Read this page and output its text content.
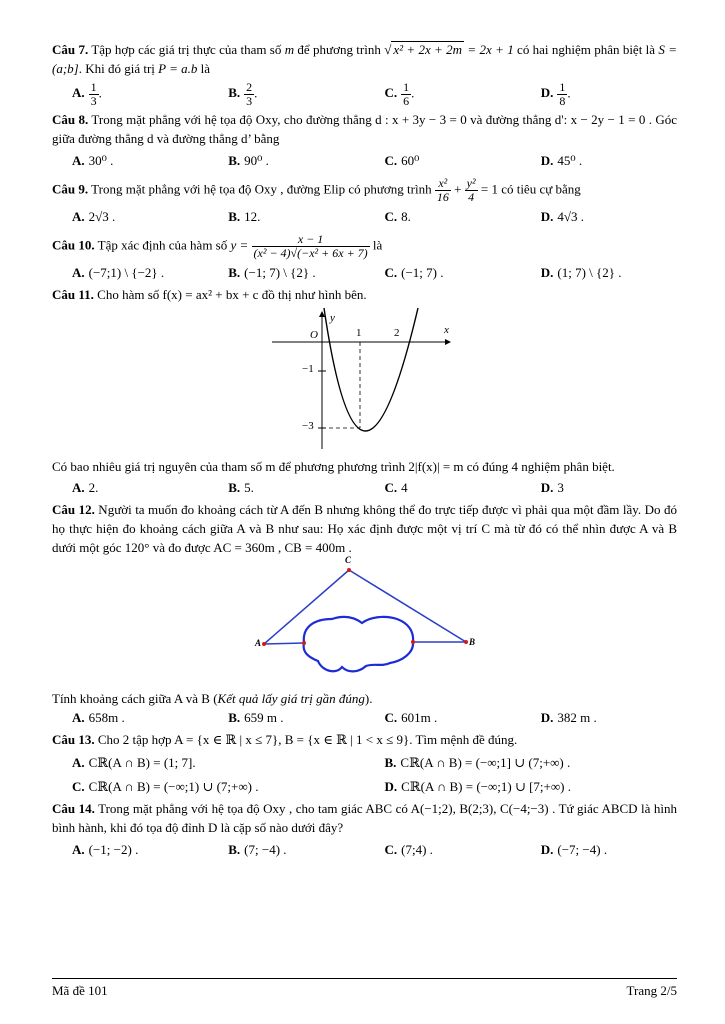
Câu 7. Tập hợp các giá trị thực của tham số m để phương trình √ x² + 2x + 2m = 2x + 1 có hai nghiệm phân biệt là S = (a;b]. Khi đó giá trị P = a.b là
A. $\frac{1}{3}$ .	B. $\frac{2}{3}$ .	C. $\frac{1}{6}$ .	D. $\frac{1}{8}$ .
Câu 8. Trong mặt phẳng với hệ tọa độ Oxy, cho đường thẳng d : x + 3y − 3 = 0 và đường thẳng d': x − 2y − 1 = 0 . Góc giữa đường thẳng d và đường thẳng d’ bằng
A. 30⁰ .	B. 90⁰ .	C. 60⁰	D. 45⁰ .
Câu 9. Trong mặt phẳng với hệ tọa độ Oxy , đường Elip có phương trình $\frac{\text{x²}}{16} + \frac{\text{y²}}{4} = 1$ có tiêu cự bằng
A. 2√3 .	B. 12.	C. 8.	D. 4√3 .
Câu 10. Tập xác định của hàm số $y = \frac{x - 1}{\text{(x² − 4)√(−x² + 6x + 7)}}$ là
A. (−7;1) \ {−2} .	B. (−1; 7) \ {2} .	C. (−1; 7) .	D. (1; 7) \ {2} .
Câu 11. Cho hàm số f(x) = ax² + bx + c đồ thị như hình bên.
y
x
O	1	2
−1
−3
Có bao nhiêu giá trị nguyên của tham số m để phương phương trình 2|f(x)| = m có đúng 4 nghiệm phân biệt.
A. 2.	B. 5.	C. 4	D. 3
Câu 12. Người ta muốn đo khoảng cách từ A đến B nhưng không thể đo trực tiếp được vì phải qua một đầm lầy. Do đó họ thực hiện đo khoảng cách giữa A và B như sau: Họ xác định được một vị trí C mà từ đó có thể nhìn được A và B dưới một góc 120° và đo được AC = 360m , CB = 400m .
A
C
B
Tính khoảng cách giữa A và B (Kết quả lấy giá trị gần đúng).
A. 658m .	B. 659 m .	C. 601m .	D. 382 m .
Câu 13. Cho 2 tập hợp A = {x ∈ ℝ | x ≤ 7}, B = {x ∈ ℝ | 1 < x ≤ 9}. Tìm mệnh đề đúng.
A. Cℝ(A ∩ B) = (1; 7].	B. Cℝ(A ∩ B) = (−∞;1] ∪ (7;+∞) .
C. Cℝ(A ∩ B) = (−∞;1) ∪ (7;+∞) .	D. Cℝ(A ∩ B) = (−∞;1) ∪ [7;+∞) .
Câu 14. Trong mặt phẳng với hệ tọa độ Oxy , cho tam giác ABC có A(−1;2), B(2;3), C(−4;−3) . Tứ giác ABCD là hình bình hành, khi đó tọa độ đỉnh D là cặp số nào dưới đây?
A. (−1; −2) .	B. (7; −4) .	C. (7;4) .	D. (−7; −4) .
Mã đề 101	Trang 2/5
